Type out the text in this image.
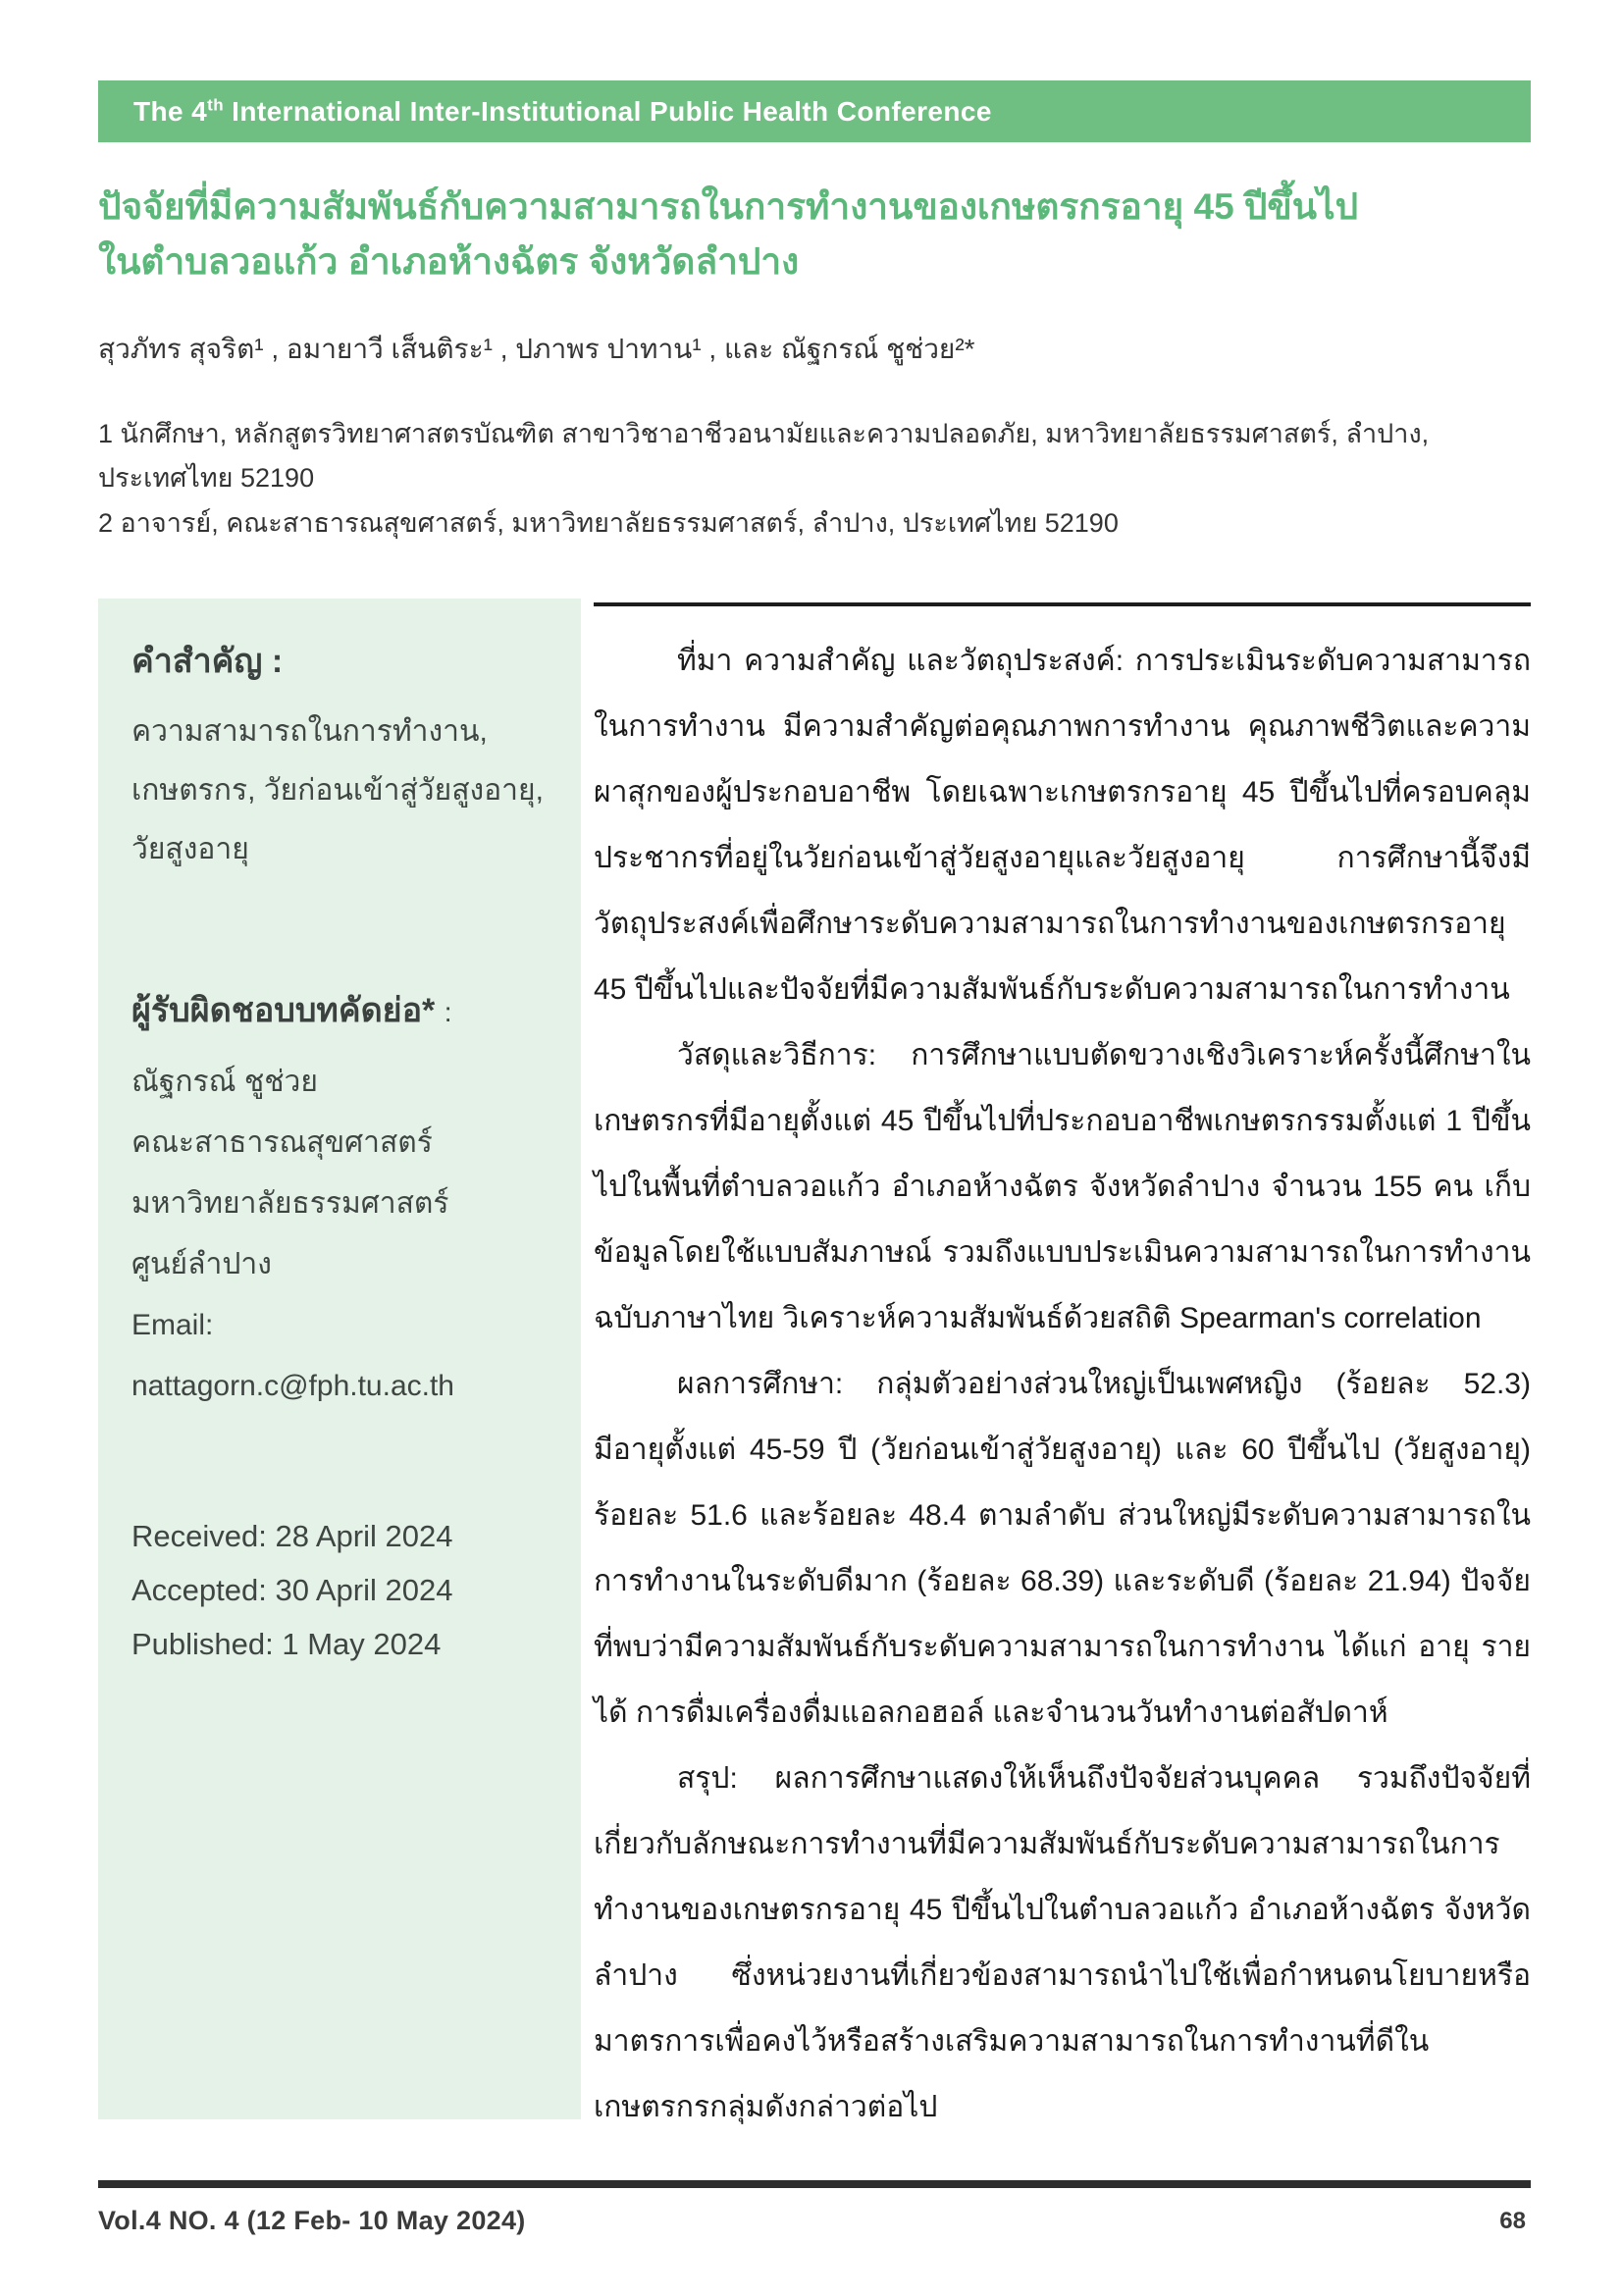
The 4th International Inter-Institutional Public Health Conference
ปัจจัยที่มีความสัมพันธ์กับความสามารถในการทำงานของเกษตรกรอายุ 45 ปีขึ้นไป
ในตำบลวอแก้ว อำเภอห้างฉัตร จังหวัดลำปาง
สุวภัทร สุจริต¹ , อมายาวี เส็นติระ¹ , ปภาพร ปาทาน¹ , และ ณัฐกรณ์ ชูช่วย²*

1 นักศึกษา, หลักสูตรวิทยาศาสตรบัณฑิต สาขาวิชาอาชีวอนามัยและความปลอดภัย, มหาวิทยาลัยธรรมศาสตร์, ลำปาง, ประเทศไทย 52190

2 อาจารย์, คณะสาธารณสุขศาสตร์, มหาวิทยาลัยธรรมศาสตร์, ลำปาง, ประเทศไทย 52190

คำสำคัญ :
ความสามารถในการทำงาน, เกษตรกร, วัยก่อนเข้าสู่วัยสูงอายุ, วัยสูงอายุ
ผู้รับผิดชอบบทคัดย่อ* :
ณัฐกรณ์ ชูช่วย
คณะสาธารณสุขศาสตร์
มหาวิทยาลัยธรรมศาสตร์
ศูนย์ลำปาง
Email:
nattagorn.c@fph.tu.ac.th
Received: 28 April 2024
Accepted: 30 April 2024
Published: 1 May 2024

ที่มา ความสำคัญ และวัตถุประสงค์: การประเมินระดับความสามารถในการทำงาน มีความสำคัญต่อคุณภาพการทำงาน คุณภาพชีวิตและความผาสุกของผู้ประกอบอาชีพ โดยเฉพาะเกษตรกรอายุ 45 ปีขึ้นไปที่ครอบคลุมประชากรที่อยู่ในวัยก่อนเข้าสู่วัยสูงอายุและวัยสูงอายุ การศึกษานี้จึงมีวัตถุประสงค์เพื่อศึกษาระดับความสามารถในการทำงานของเกษตรกรอายุ 45 ปีขึ้นไปและปัจจัยที่มีความสัมพันธ์กับระดับความสามารถในการทำงาน

วัสดุและวิธีการ: การศึกษาแบบตัดขวางเชิงวิเคราะห์ครั้งนี้ศึกษาในเกษตรกรที่มีอายุตั้งแต่ 45 ปีขึ้นไปที่ประกอบอาชีพเกษตรกรรมตั้งแต่ 1 ปีขึ้นไปในพื้นที่ตำบลวอแก้ว อำเภอห้างฉัตร จังหวัดลำปาง จำนวน 155 คน เก็บข้อมูลโดยใช้แบบสัมภาษณ์ รวมถึงแบบประเมินความสามารถในการทำงานฉบับภาษาไทย วิเคราะห์ความสัมพันธ์ด้วยสถิติ Spearman's correlation

ผลการศึกษา: กลุ่มตัวอย่างส่วนใหญ่เป็นเพศหญิง (ร้อยละ 52.3) มีอายุตั้งแต่ 45-59 ปี (วัยก่อนเข้าสู่วัยสูงอายุ) และ 60 ปีขึ้นไป (วัยสูงอายุ) ร้อยละ 51.6 และร้อยละ 48.4 ตามลำดับ ส่วนใหญ่มีระดับความสามารถในการทำงานในระดับดีมาก (ร้อยละ 68.39) และระดับดี (ร้อยละ 21.94) ปัจจัยที่พบว่ามีความสัมพันธ์กับระดับความสามารถในการทำงาน ได้แก่ อายุ รายได้ การดื่มเครื่องดื่มแอลกอฮอล์ และจำนวนวันทำงานต่อสัปดาห์

สรุป: ผลการศึกษาแสดงให้เห็นถึงปัจจัยส่วนบุคคล รวมถึงปัจจัยที่เกี่ยวกับลักษณะการทำงานที่มีความสัมพันธ์กับระดับความสามารถในการทำงานของเกษตรกรอายุ 45 ปีขึ้นไปในตำบลวอแก้ว อำเภอห้างฉัตร จังหวัดลำปาง ซึ่งหน่วยงานที่เกี่ยวข้องสามารถนำไปใช้เพื่อกำหนดนโยบายหรือมาตรการเพื่อคงไว้หรือสร้างเสริมความสามารถในการทำงานที่ดีในเกษตรกรกลุ่มดังกล่าวต่อไป

Vol.4 NO. 4 (12 Feb- 10 May 2024)	68
